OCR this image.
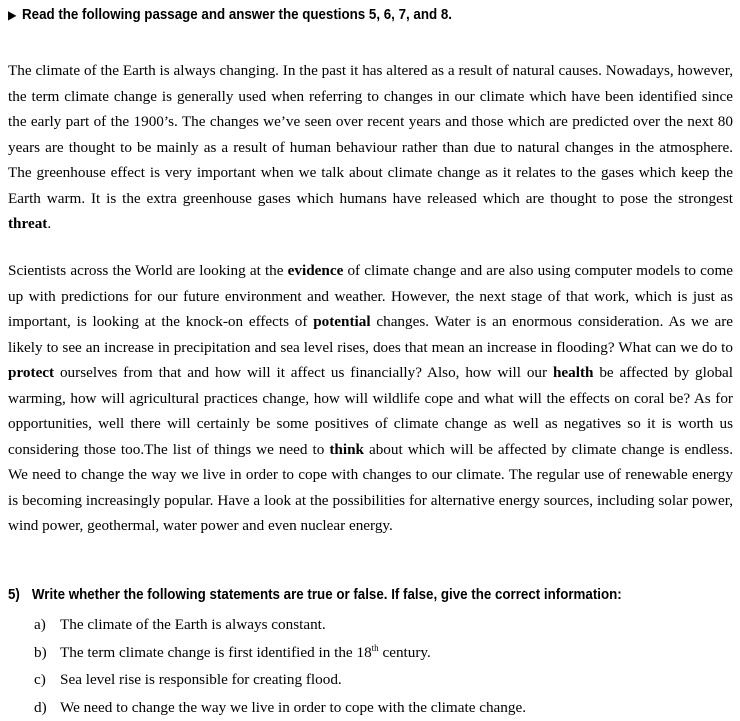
▶ Read the following passage and answer the questions 5, 6, 7, and 8.

The climate of the Earth is always changing. In the past it has altered as a result of natural causes. Nowadays, however, the term climate change is generally used when referring to changes in our climate which have been identified since the early part of the 1900’s. The changes we’ve seen over recent years and those which are predicted over the next 80 years are thought to be mainly as a result of human behaviour rather than due to natural changes in the atmosphere. The greenhouse effect is very important when we talk about climate change as it relates to the gases which keep the Earth warm. It is the extra greenhouse gases which humans have released which are thought to pose the strongest threat.

Scientists across the World are looking at the evidence of climate change and are also using computer models to come up with predictions for our future environment and weather. However, the next stage of that work, which is just as important, is looking at the knock-on effects of potential changes. Water is an enormous consideration. As we are likely to see an increase in precipitation and sea level rises, does that mean an increase in flooding? What can we do to protect ourselves from that and how will it affect us financially? Also, how will our health be affected by global warming, how will agricultural practices change, how will wildlife cope and what will the effects on coral be? As for opportunities, well there will certainly be some positives of climate change as well as negatives so it is worth us considering those too.The list of things we need to think about which will be affected by climate change is endless. We need to change the way we live in order to cope with changes to our climate. The regular use of renewable energy is becoming increasingly popular. Have a look at the possibilities for alternative energy sources, including solar power, wind power, geothermal, water power and even nuclear energy.

5) Write whether the following statements are true or false. If false, give the correct information:
a) The climate of the Earth is always constant.
b) The term climate change is first identified in the 18th century.
c) Sea level rise is responsible for creating flood.
d) We need to change the way we live in order to cope with the climate change.
